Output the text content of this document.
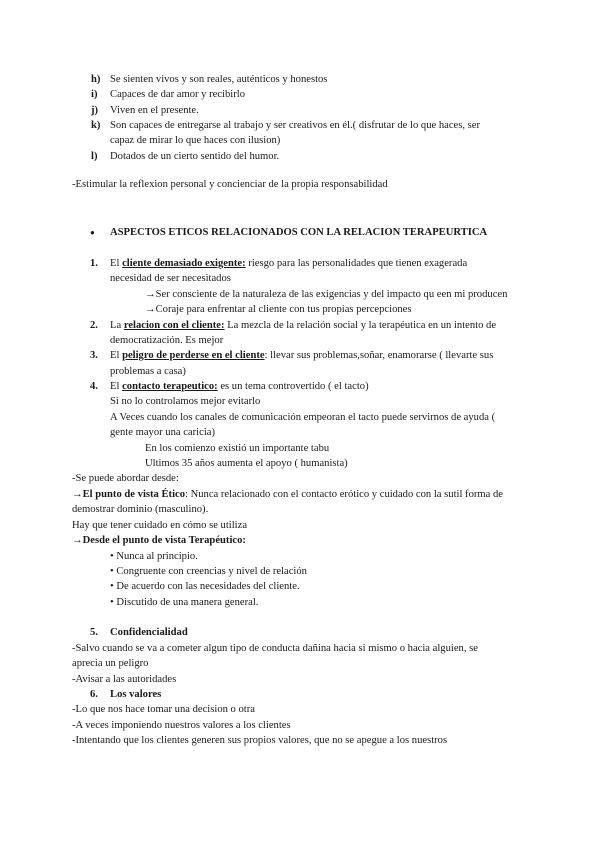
h) Se sienten vivos y son reales, auténticos y honestos
i) Capaces de dar amor y recibirlo
j) Viven en el presente.
k) Son capaces de entregarse al trabajo y ser creativos en él.( disfrutar de lo que haces, ser
capaz de mirar lo que haces con ilusion)
l) Dotados de un cierto sentido del humor.
-Estimular la reflexion personal y concienciar de la propia responsabilidad
● ASPECTOS ETICOS RELACIONADOS CON LA RELACION TERAPEURTICA
1. El cliente demasiado exigente: riesgo para las personalidades que tienen exagerada
necesidad de ser necesitados
→Ser consciente de la naturaleza de las exigencias y del impacto qu een mi producen
→Coraje para enfrentar al cliente con tus propias percepciones
2. La relacion con el cliente: La mezcla de la relación social y la terapéutica en un intento de
democratización. Es mejor
3. El peligro de perderse en el cliente: llevar sus problemas,soñar, enamorarse ( llevarte sus
problemas a casa)
4. El contacto terapeutico: es un tema controvertido ( el tacto)
Si no lo controlamos mejor evitarlo
A Veces cuando los canales de comunicación empeoran el tacto puede servirnos de ayuda (
gente mayor una caricia)
En los comienzo existió un importante tabu
Ultimos 35 años aumenta el apoyo ( humanista)
-Se puede abordar desde:
→El punto de vista Ético: Nunca relacionado con el contacto erótico y cuidado con la sutil forma de
demostrar dominio (masculino).
Hay que tener cuidado en cómo se utiliza
→Desde el punto de vista Terapéutico:
• Nunca al principio.
• Congruente con creencias y nivel de relación
• De acuerdo con las necesidades del cliente.
• Discutido de una manera general.
5. Confidencialidad
-Salvo cuando se va a cometer algun tipo de conducta dañina hacia si mismo o hacia alguien, se
aprecia un peligro
-Avisar a las autoridades
6. Los valores
-Lo que nos hace tomar una decision o otra
-A veces imponiendo nuestros valores a los clientes
-Intentando que los clientes generen sus propios valores, que no se apegue a los nuestros
